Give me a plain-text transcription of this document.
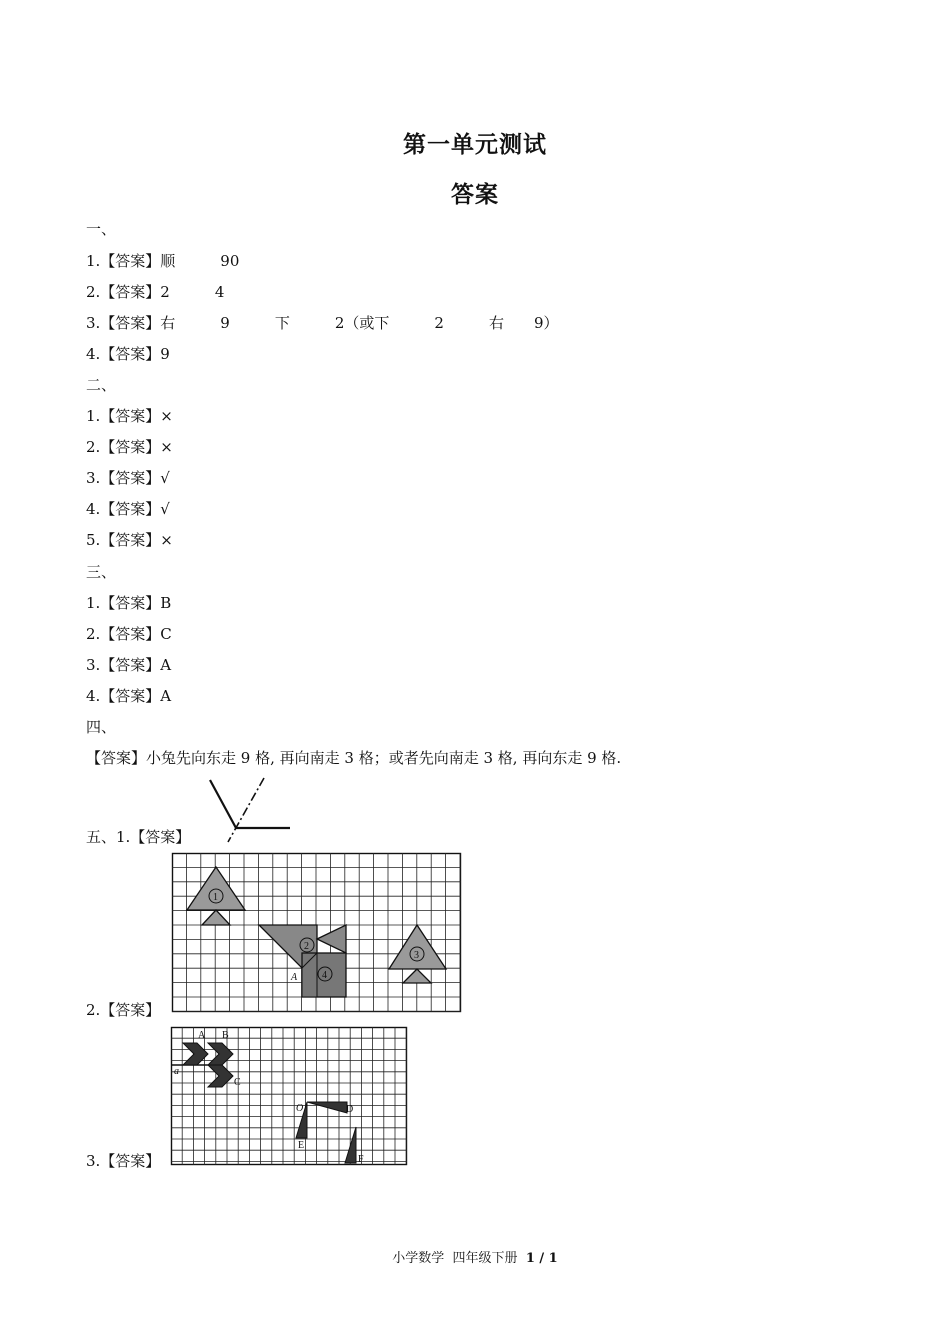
第一单元测试
答案
一、
1.【答案】顺　　　90
2.【答案】2　　　4
3.【答案】右　　　9　　　下　　　2（或下　　　2　　　右　　9）
4.【答案】9
二、
1.【答案】×
2.【答案】×
3.【答案】√
4.【答案】√
5.【答案】×
三、
1.【答案】B
2.【答案】C
3.【答案】A
4.【答案】A
四、
【答案】小兔先向东走 9 格, 再向南走 3 格；或者先向南走 3 格, 再向东走 9 格.
五、1.【答案】
2.【答案】
3.【答案】
1
2
4
A
3
A B
C
a
O	D
E
F
小学数学 四年级下册 1 / 1
